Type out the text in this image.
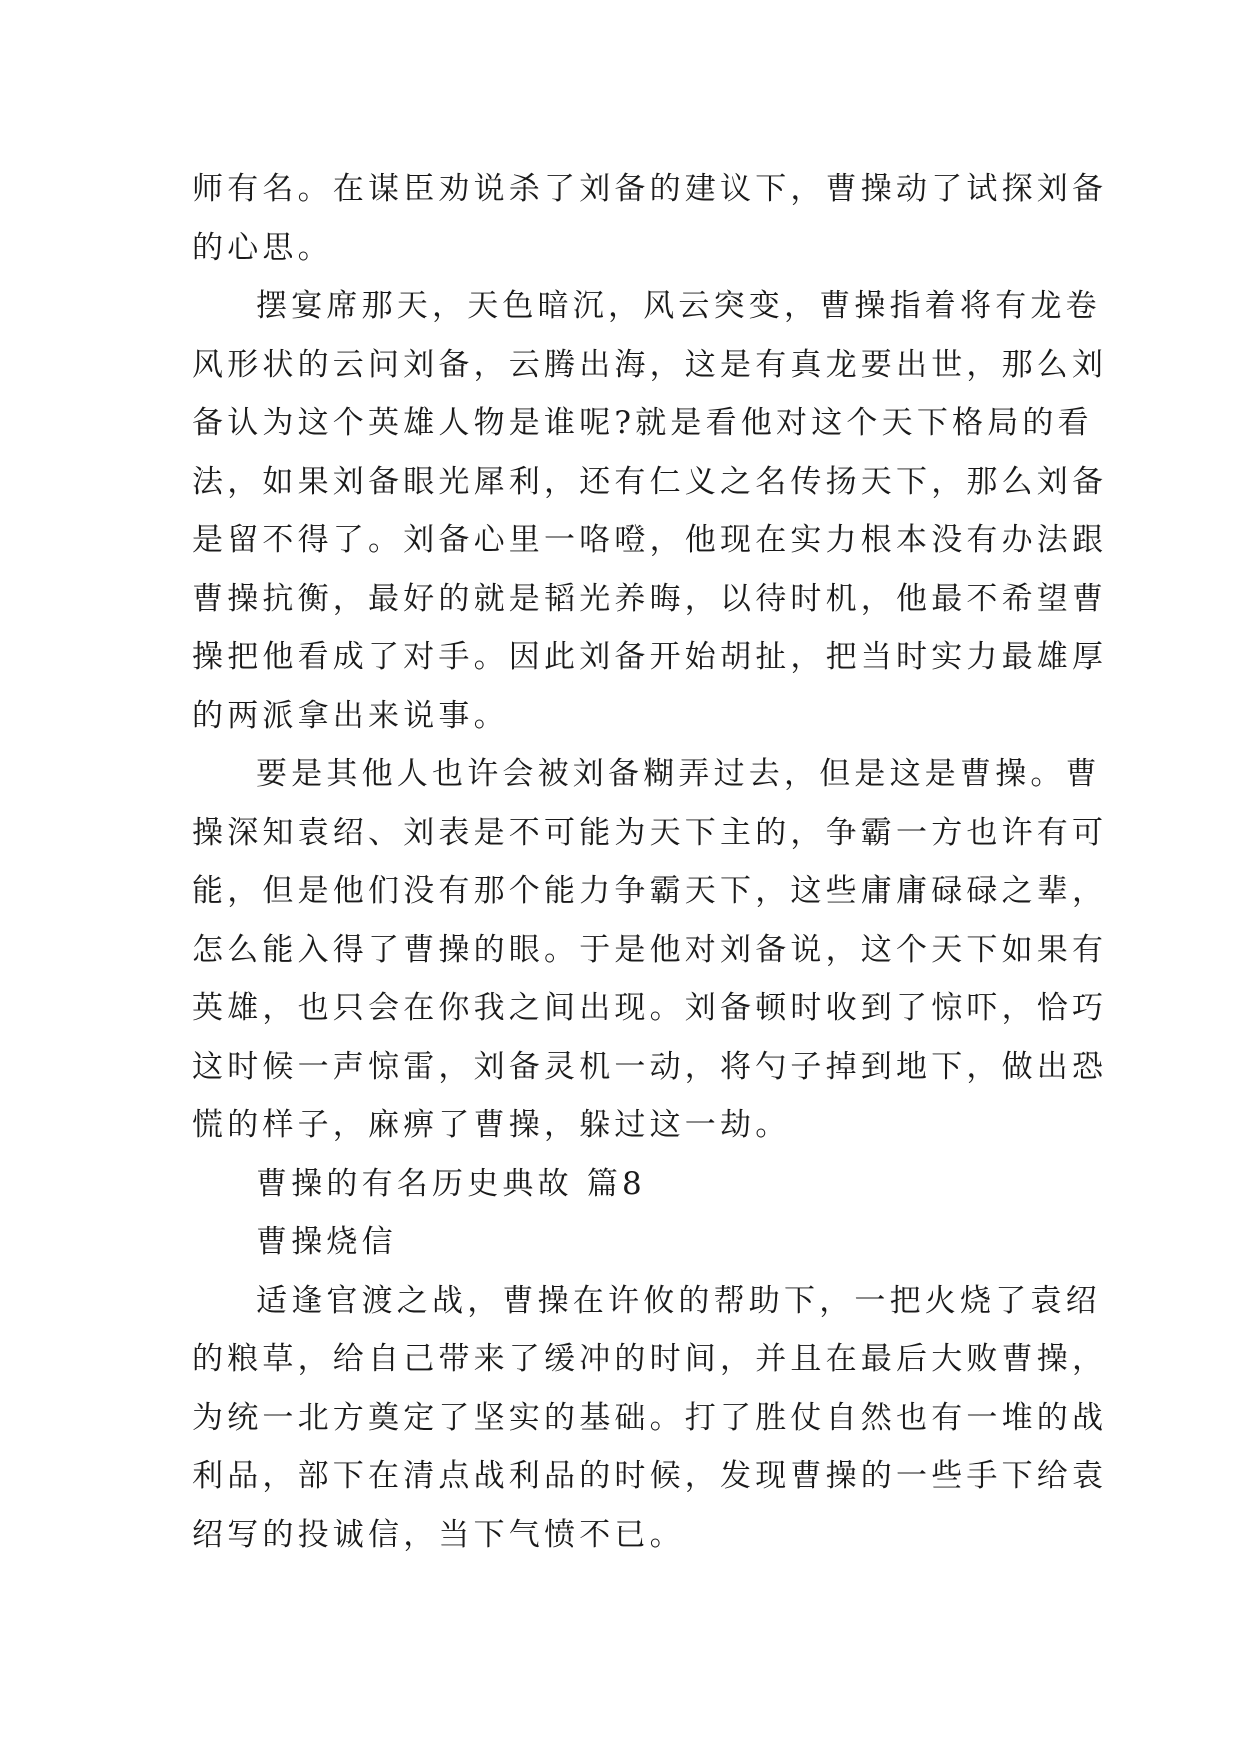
师有名。在谋臣劝说杀了刘备的建议下，曹操动了试探刘备
的心思。
摆宴席那天，天色暗沉，风云突变，曹操指着将有龙卷
风形状的云问刘备，云腾出海，这是有真龙要出世，那么刘
备认为这个英雄人物是谁呢?就是看他对这个天下格局的看
法，如果刘备眼光犀利，还有仁义之名传扬天下，那么刘备
是留不得了。刘备心里一咯噔，他现在实力根本没有办法跟
曹操抗衡，最好的就是韬光养晦，以待时机，他最不希望曹
操把他看成了对手。因此刘备开始胡扯，把当时实力最雄厚
的两派拿出来说事。
要是其他人也许会被刘备糊弄过去，但是这是曹操。曹
操深知袁绍、刘表是不可能为天下主的，争霸一方也许有可
能，但是他们没有那个能力争霸天下，这些庸庸碌碌之辈，
怎么能入得了曹操的眼。于是他对刘备说，这个天下如果有
英雄，也只会在你我之间出现。刘备顿时收到了惊吓，恰巧
这时候一声惊雷，刘备灵机一动，将勺子掉到地下，做出恐
慌的样子，麻痹了曹操，躲过这一劫。
曹操的有名历史典故 篇8
曹操烧信
适逢官渡之战，曹操在许攸的帮助下，一把火烧了袁绍
的粮草，给自己带来了缓冲的时间，并且在最后大败曹操，
为统一北方奠定了坚实的基础。打了胜仗自然也有一堆的战
利品，部下在清点战利品的时候，发现曹操的一些手下给袁
绍写的投诚信，当下气愤不已。
